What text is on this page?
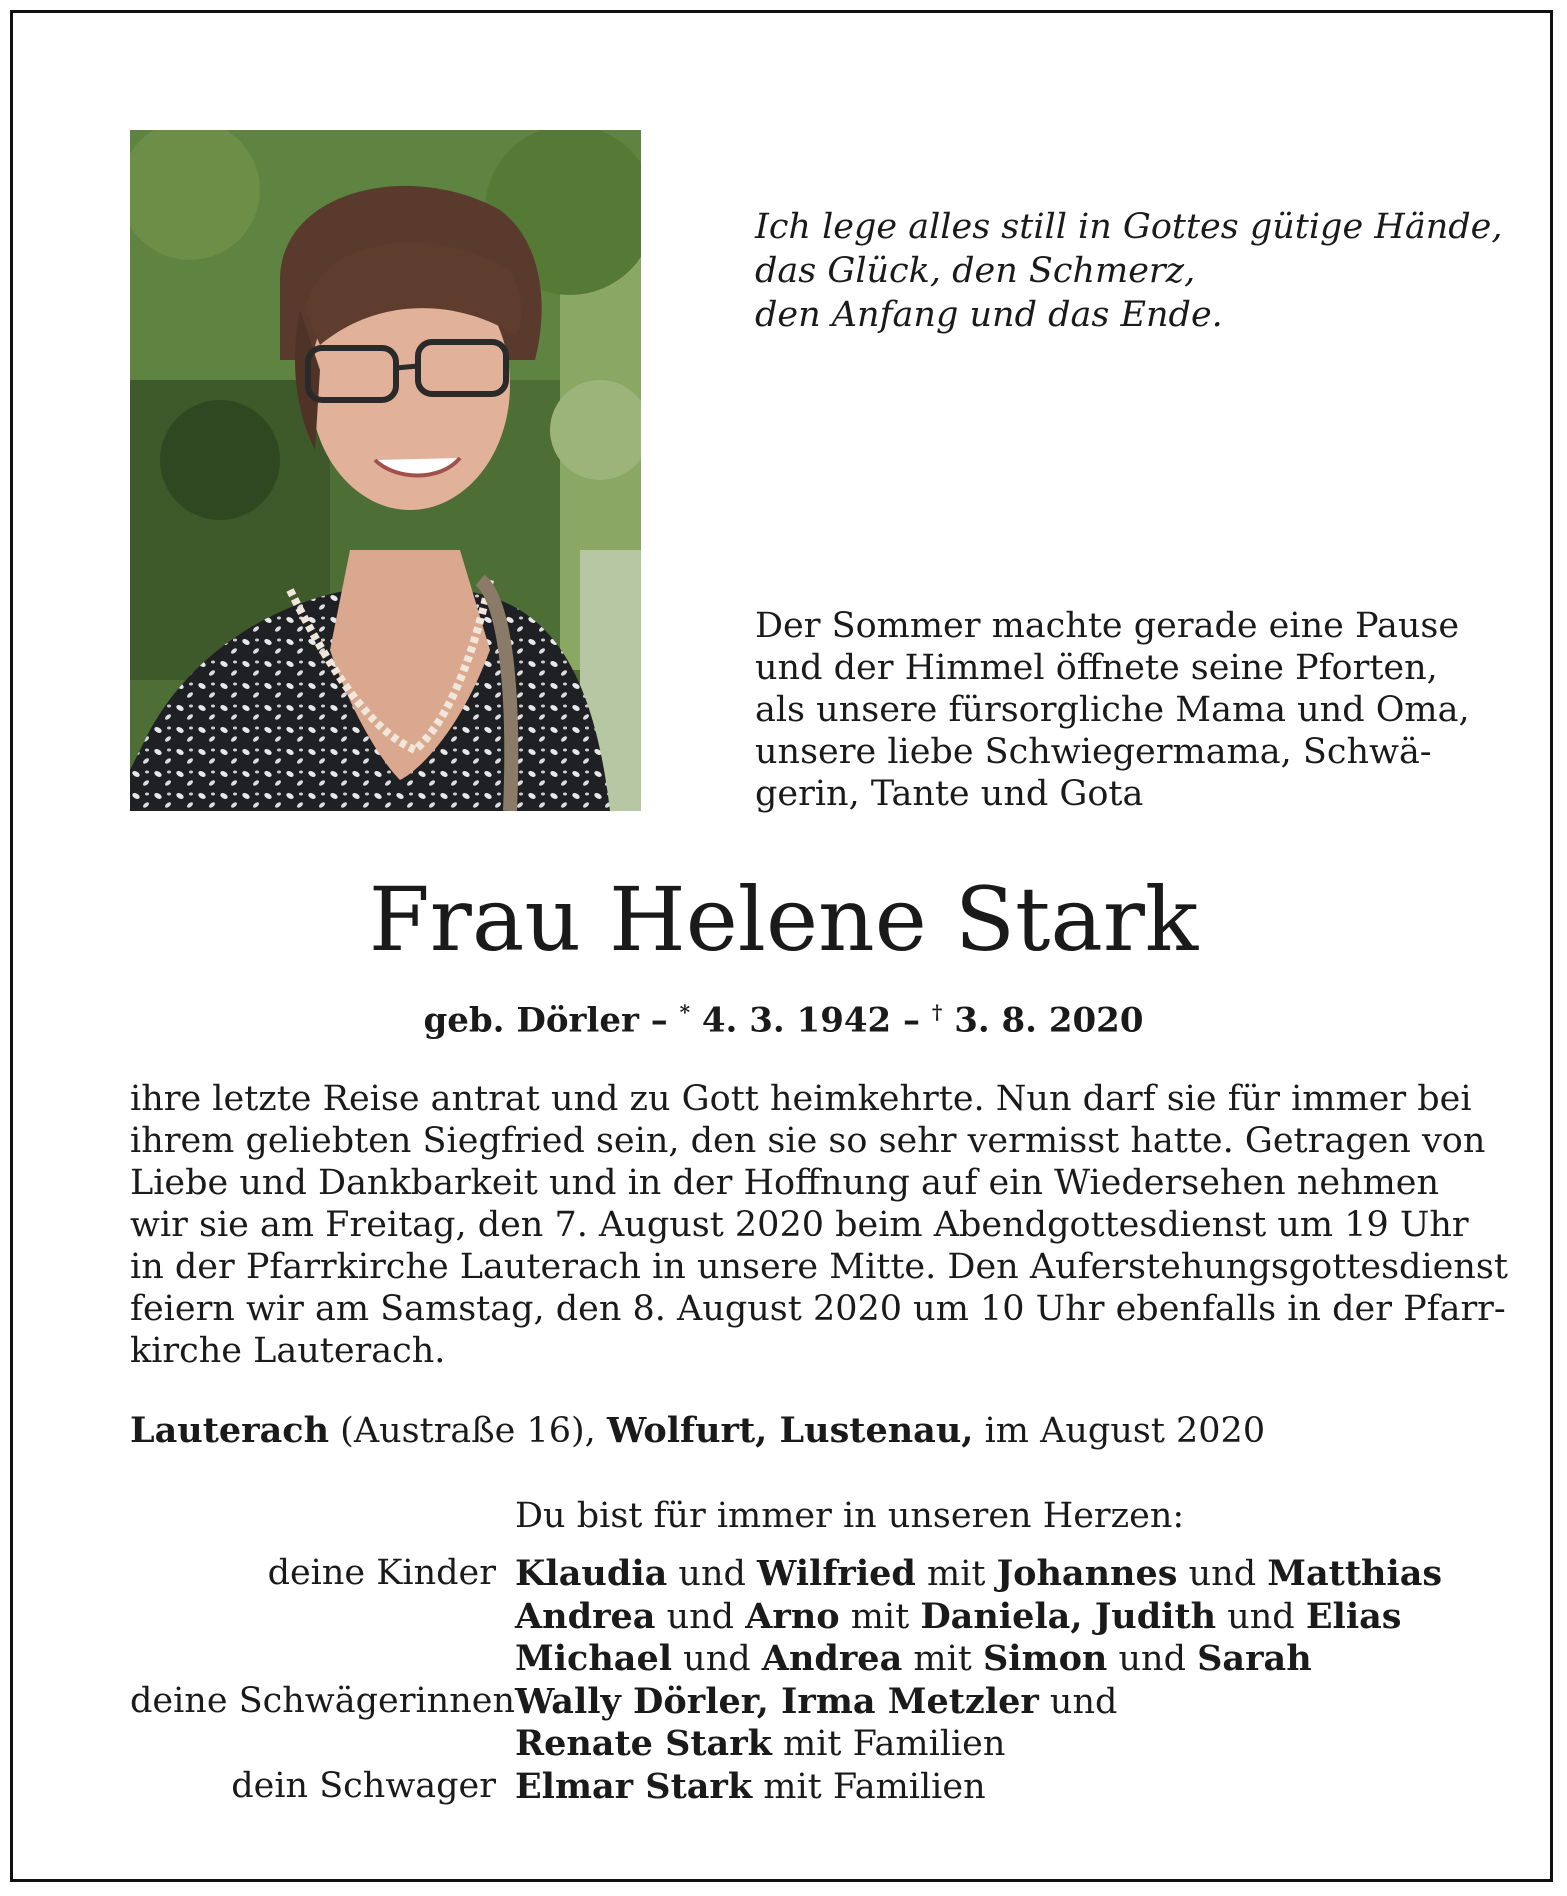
Ich lege alles still in Gottes gütige Hände,
das Glück, den Schmerz,
den Anfang und das Ende.
Der Sommer machte gerade eine Pause
und der Himmel öffnete seine Pforten,
als unsere fürsorgliche Mama und Oma,
unsere liebe Schwiegermama, Schwä-
gerin, Tante und Gota
Frau Helene Stark
geb. Dörler – * 4. 3. 1942 – † 3. 8. 2020
ihre letzte Reise antrat und zu Gott heimkehrte. Nun darf sie für immer bei
ihrem geliebten Siegfried sein, den sie so sehr vermisst hatte. Getragen von
Liebe und Dankbarkeit und in der Hoffnung auf ein Wiedersehen nehmen
wir sie am Freitag, den 7. August 2020 beim Abendgottesdienst um 19 Uhr
in der Pfarrkirche Lauterach in unsere Mitte. Den Auferstehungsgottesdienst
feiern wir am Samstag, den 8. August 2020 um 10 Uhr ebenfalls in der Pfarr-
kirche Lauterach.
Lauterach (Austraße 16), Wolfurt, Lustenau, im August 2020
Du bist für immer in unseren Herzen:
deine Kinder Klaudia und Wilfried mit Johannes und Matthias
Andrea und Arno mit Daniela, Judith und Elias
Michael und Andrea mit Simon und Sarah
deine Schwägerinnen Wally Dörler, Irma Metzler und
Renate Stark mit Familien
dein Schwager Elmar Stark mit Familien
